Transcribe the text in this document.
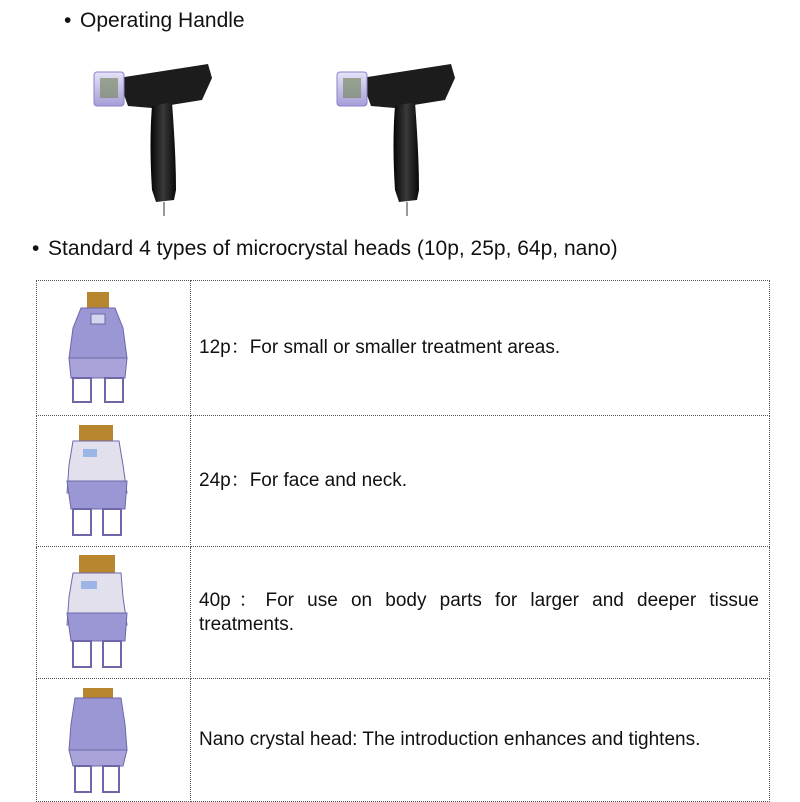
• Operating Handle
• Standard 4 types of microcrystal heads (10p, 25p, 64p, nano)
	12p：For small or smaller treatment areas.

	24p：For face and neck.

	40p：For use on body parts for larger and deeper tissue treatments.

	Nano crystal head: The introduction enhances and tightens.
